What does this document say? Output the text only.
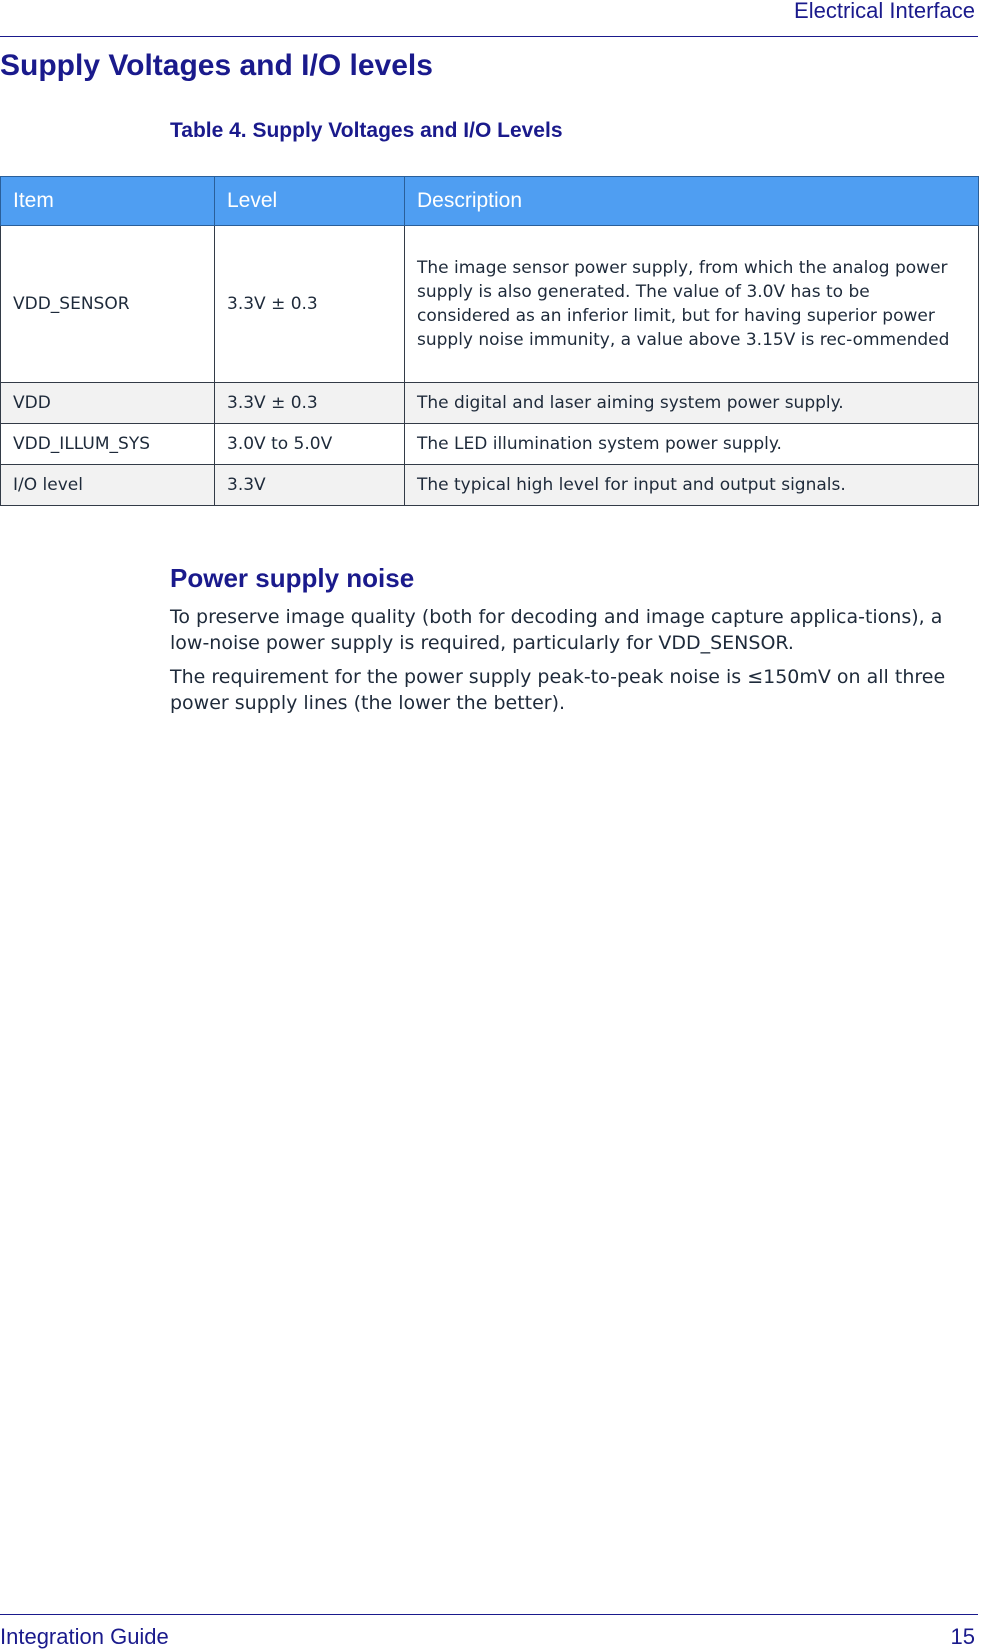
Electrical Interface
Supply Voltages and I/O levels
Table 4. Supply Voltages and I/O Levels
Item	Level	Description
VDD_SENSOR	3.3V ± 0.3	The image sensor power supply, from which the analog power supply is also generated. The value of 3.0V has to be considered as an inferior limit, but for having superior power supply noise immunity, a value above 3.15V is rec-ommended
VDD	3.3V ± 0.3	The digital and laser aiming system power supply.
VDD_ILLUM_SYS	3.0V to 5.0V	The LED illumination system power supply.
I/O level	3.3V	The typical high level for input and output signals.
Power supply noise

To preserve image quality (both for decoding and image capture applica-tions), a low-noise power supply is required, particularly for VDD_SENSOR.

The requirement for the power supply peak-to-peak noise is ≤150mV on all three power supply lines (the lower the better).

Integration Guide	15
